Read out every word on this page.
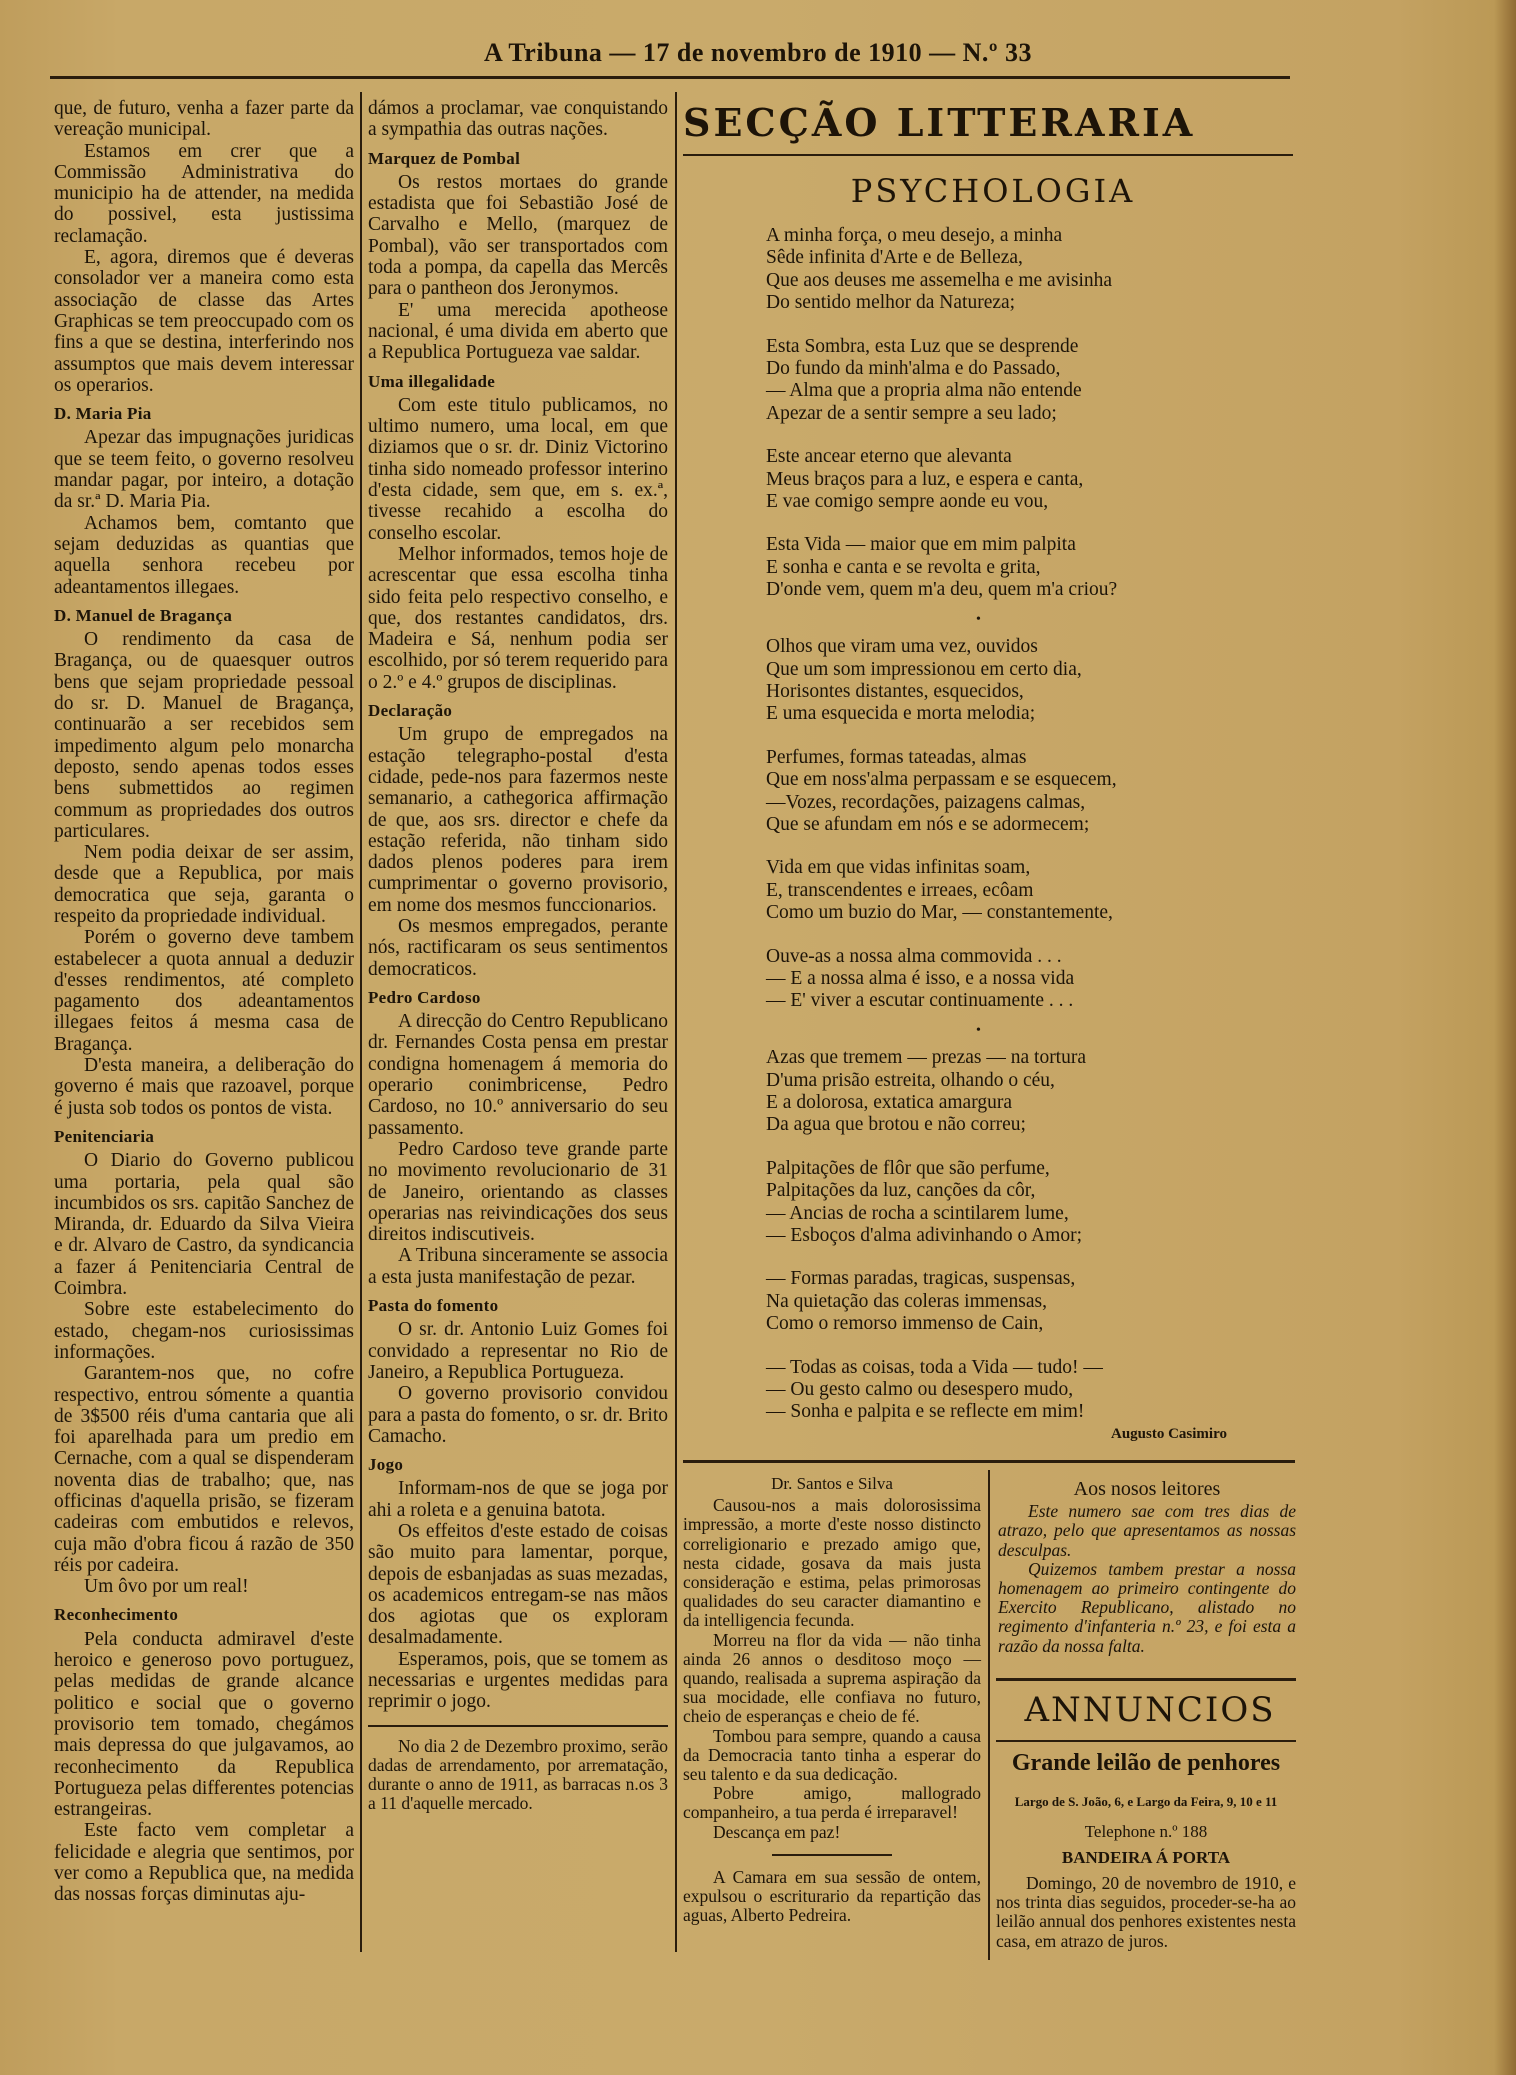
A Tribuna — 17 de novembro de 1910 — N.º 33

que, de futuro, venha a fazer parte da vereação municipal.

Estamos em crer que a Commissão Administrativa do municipio ha de attender, na medida do possivel, esta justissima reclamação.

E, agora, diremos que é deveras consolador ver a maneira como esta associação de classe das Artes Graphicas se tem preoccupado com os fins a que se destina, interferindo nos assumptos que mais devem interessar os operarios.

D. Maria Pia

Apezar das impugnações juridicas que se teem feito, o governo resolveu mandar pagar, por inteiro, a dotação da sr.ª D. Maria Pia.

Achamos bem, comtanto que sejam deduzidas as quantias que aquella senhora recebeu por adeantamentos illegaes.

D. Manuel de Bragança

O rendimento da casa de Bragança, ou de quaesquer outros bens que sejam propriedade pessoal do sr. D. Manuel de Bragança, continuarão a ser recebidos sem impedimento algum pelo monarcha deposto, sendo apenas todos esses bens submettidos ao regimen commum as propriedades dos outros particulares.

Nem podia deixar de ser assim, desde que a Republica, por mais democratica que seja, garanta o respeito da propriedade individual.

Porém o governo deve tambem estabelecer a quota annual a deduzir d'esses rendimentos, até completo pagamento dos adeantamentos illegaes feitos á mesma casa de Bragança.

D'esta maneira, a deliberação do governo é mais que razoavel, porque é justa sob todos os pontos de vista.

Penitenciaria

O Diario do Governo publicou uma portaria, pela qual são incumbidos os srs. capitão Sanchez de Miranda, dr. Eduardo da Silva Vieira e dr. Alvaro de Castro, da syndicancia a fazer á Penitenciaria Central de Coimbra.

Sobre este estabelecimento do estado, chegam-nos curiosissimas informações.

Garantem-nos que, no cofre respectivo, entrou sómente a quantia de 3$500 réis d'uma cantaria que ali foi aparelhada para um predio em Cernache, com a qual se dispenderam noventa dias de trabalho; que, nas officinas d'aquella prisão, se fizeram cadeiras com embutidos e relevos, cuja mão d'obra ficou á razão de 350 réis por cadeira.

Um ôvo por um real!

Reconhecimento

Pela conducta admiravel d'este heroico e generoso povo portuguez, pelas medidas de grande alcance politico e social que o governo provisorio tem tomado, chegámos mais depressa do que julgavamos, ao reconhecimento da Republica Portugueza pelas differentes potencias estrangeiras.

Este facto vem completar a felicidade e alegria que sentimos, por ver como a Republica que, na medida das nossas forças diminutas aju-

dámos a proclamar, vae conquistando a sympathia das outras nações.

Marquez de Pombal

Os restos mortaes do grande estadista que foi Sebastião José de Carvalho e Mello, (marquez de Pombal), vão ser transportados com toda a pompa, da capella das Mercês para o pantheon dos Jeronymos.

E' uma merecida apotheose nacional, é uma divida em aberto que a Republica Portugueza vae saldar.

Uma illegalidade

Com este titulo publicamos, no ultimo numero, uma local, em que diziamos que o sr. dr. Diniz Victorino tinha sido nomeado professor interino d'esta cidade, sem que, em s. ex.ª, tivesse recahido a escolha do conselho escolar.

Melhor informados, temos hoje de acrescentar que essa escolha tinha sido feita pelo respectivo conselho, e que, dos restantes candidatos, drs. Madeira e Sá, nenhum podia ser escolhido, por só terem requerido para o 2.º e 4.º grupos de disciplinas.

Declaração

Um grupo de empregados na estação telegrapho-postal d'esta cidade, pede-nos para fazermos neste semanario, a cathegorica affirmação de que, aos srs. director e chefe da estação referida, não tinham sido dados plenos poderes para irem cumprimentar o governo provisorio, em nome dos mesmos funccionarios.

Os mesmos empregados, perante nós, ractificaram os seus sentimentos democraticos.

Pedro Cardoso

A direcção do Centro Republicano dr. Fernandes Costa pensa em prestar condigna homenagem á memoria do operario conimbricense, Pedro Cardoso, no 10.º anniversario do seu passamento.

Pedro Cardoso teve grande parte no movimento revolucionario de 31 de Janeiro, orientando as classes operarias nas reivindicações dos seus direitos indiscutiveis.

A Tribuna sinceramente se associa a esta justa manifestação de pezar.

Pasta do fomento

O sr. dr. Antonio Luiz Gomes foi convidado a representar no Rio de Janeiro, a Republica Portugueza.

O governo provisorio convidou para a pasta do fomento, o sr. dr. Brito Camacho.

Jogo

Informam-nos de que se joga por ahi a roleta e a genuina batota.

Os effeitos d'este estado de coisas são muito para lamentar, porque, depois de esbanjadas as suas mezadas, os academicos entregam-se nas mãos dos agiotas que os exploram desalmadamente.

Esperamos, pois, que se tomem as necessarias e urgentes medidas para reprimir o jogo.

No dia 2 de Dezembro proximo, serão dadas de arrendamento, por arrematação, durante o anno de 1911, as barracas n.os 3 a 11 d'aquelle mercado.

SECÇÃO LITTERARIA
PSYCHOLOGIA
A minha força, o meu desejo, a minha
Sêde infinita d'Arte e de Belleza,
Que aos deuses me assemelha e me avisinha
Do sentido melhor da Natureza;
Esta Sombra, esta Luz que se desprende
Do fundo da minh'alma e do Passado,
— Alma que a propria alma não entende
Apezar de a sentir sempre a seu lado;
Este ancear eterno que alevanta
Meus braços para a luz, e espera e canta,
E vae comigo sempre aonde eu vou,
Esta Vida — maior que em mim palpita
E sonha e canta e se revolta e grita,
D'onde vem, quem m'a deu, quem m'a criou?
•
Olhos que viram uma vez, ouvidos
Que um som impressionou em certo dia,
Horisontes distantes, esquecidos,
E uma esquecida e morta melodia;
Perfumes, formas tateadas, almas
Que em noss'alma perpassam e se esquecem,
—Vozes, recordações, paizagens calmas,
Que se afundam em nós e se adormecem;
Vida em que vidas infinitas soam,
E, transcendentes e irreaes, ecôam
Como um buzio do Mar, — constantemente,
Ouve-as a nossa alma commovida . . .
— E a nossa alma é isso, e a nossa vida
— E' viver a escutar continuamente . . .
•
Azas que tremem — prezas — na tortura
D'uma prisão estreita, olhando o céu,
E a dolorosa, extatica amargura
Da agua que brotou e não correu;
Palpitações de flôr que são perfume,
Palpitações da luz, canções da côr,
— Ancias de rocha a scintilarem lume,
— Esboços d'alma adivinhando o Amor;
— Formas paradas, tragicas, suspensas,
Na quietação das coleras immensas,
Como o remorso immenso de Cain,
— Todas as coisas, toda a Vida — tudo! —
— Ou gesto calmo ou desespero mudo,
— Sonha e palpita e se reflecte em mim!
Augusto Casimiro
Dr. Santos e Silva

Causou-nos a mais dolorosissima impressão, a morte d'este nosso distincto correligionario e prezado amigo que, nesta cidade, gosava da mais justa consideração e estima, pelas primorosas qualidades do seu caracter diamantino e da intelligencia fecunda.

Morreu na flor da vida — não tinha ainda 26 annos o desditoso moço — quando, realisada a suprema aspiração da sua mocidade, elle confiava no futuro, cheio de esperanças e cheio de fé.

Tombou para sempre, quando a causa da Democracia tanto tinha a esperar do seu talento e da sua dedicação.

Pobre amigo, mallogrado companheiro, a tua perda é irreparavel!

Descança em paz!

A Camara em sua sessão de ontem, expulsou o escriturario da repartição das aguas, Alberto Pedreira.

Aos nosos leitores

Este numero sae com tres dias de atrazo, pelo que apresentamos as nossas desculpas.

Quizemos tambem prestar a nossa homenagem ao primeiro contingente do Exercito Republicano, alistado no regimento d'infanteria n.º 23, e foi esta a razão da nossa falta.

ANNUNCIOS
Grande leilão de penhores
Largo de S. João, 6, e Largo da Feira, 9, 10 e 11
Telephone n.º 188
BANDEIRA Á PORTA

Domingo, 20 de novembro de 1910, e nos trinta dias seguidos, proceder-se-ha ao leilão annual dos penhores existentes nesta casa, em atrazo de juros.
